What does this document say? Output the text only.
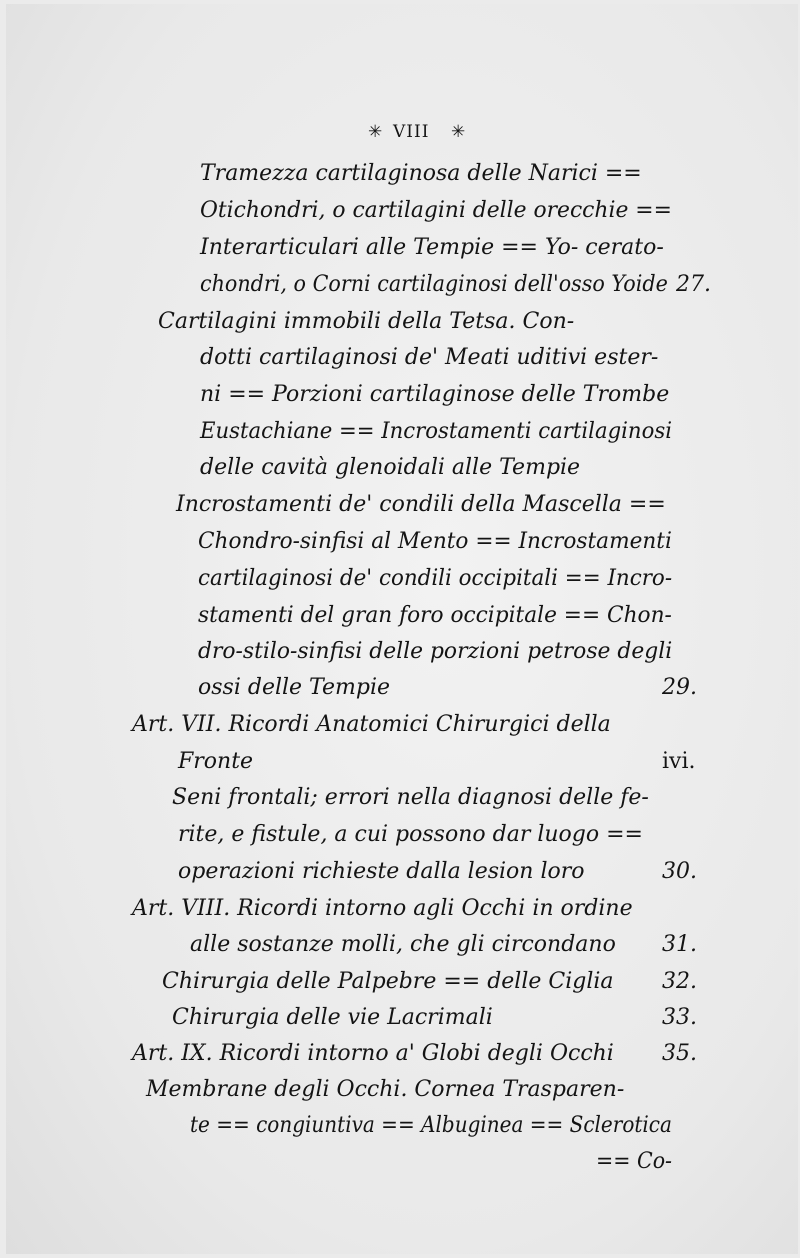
✳ VIII ✳
Tramezza cartilaginosa delle Narici ==
Otichondri, o cartilagini delle orecchie ==
Interarticulari alle Tempie == Yo- cerato-
chondri, o Corni cartilaginosi dell'osso Yoide 27.
Cartilagini immobili della Tetsa. Con-
dotti cartilaginosi de' Meati uditivi ester-
ni == Porzioni cartilaginose delle Trombe
Eustachiane == Incrostamenti cartilaginosi
delle cavità glenoidali alle Tempie
Incrostamenti de' condili della Mascella ==
Chondro-sinfisi al Mento == Incrostamenti
cartilaginosi de' condili occipitali == Incro-
stamenti del gran foro occipitale == Chon-
dro-stilo-sinfisi delle porzioni petrose degli
ossi delle Tempie	29.
Art. VII. Ricordi Anatomici Chirurgici della
Fronte	ivi.
Seni frontali; errori nella diagnosi delle fe-
rite, e fistule, a cui possono dar luogo ==
operazioni richieste dalla lesion loro	30.
Art. VIII. Ricordi intorno agli Occhi in ordine
alle sostanze molli, che gli circondano 31.
Chirurgia delle Palpebre == delle Ciglia 32.
Chirurgia delle vie Lacrimali	33.
Art. IX. Ricordi intorno a' Globi degli Occhi 35.
Membrane degli Occhi. Cornea Trasparen-
te == congiuntiva == Albuginea == Sclerotica
== Co-
